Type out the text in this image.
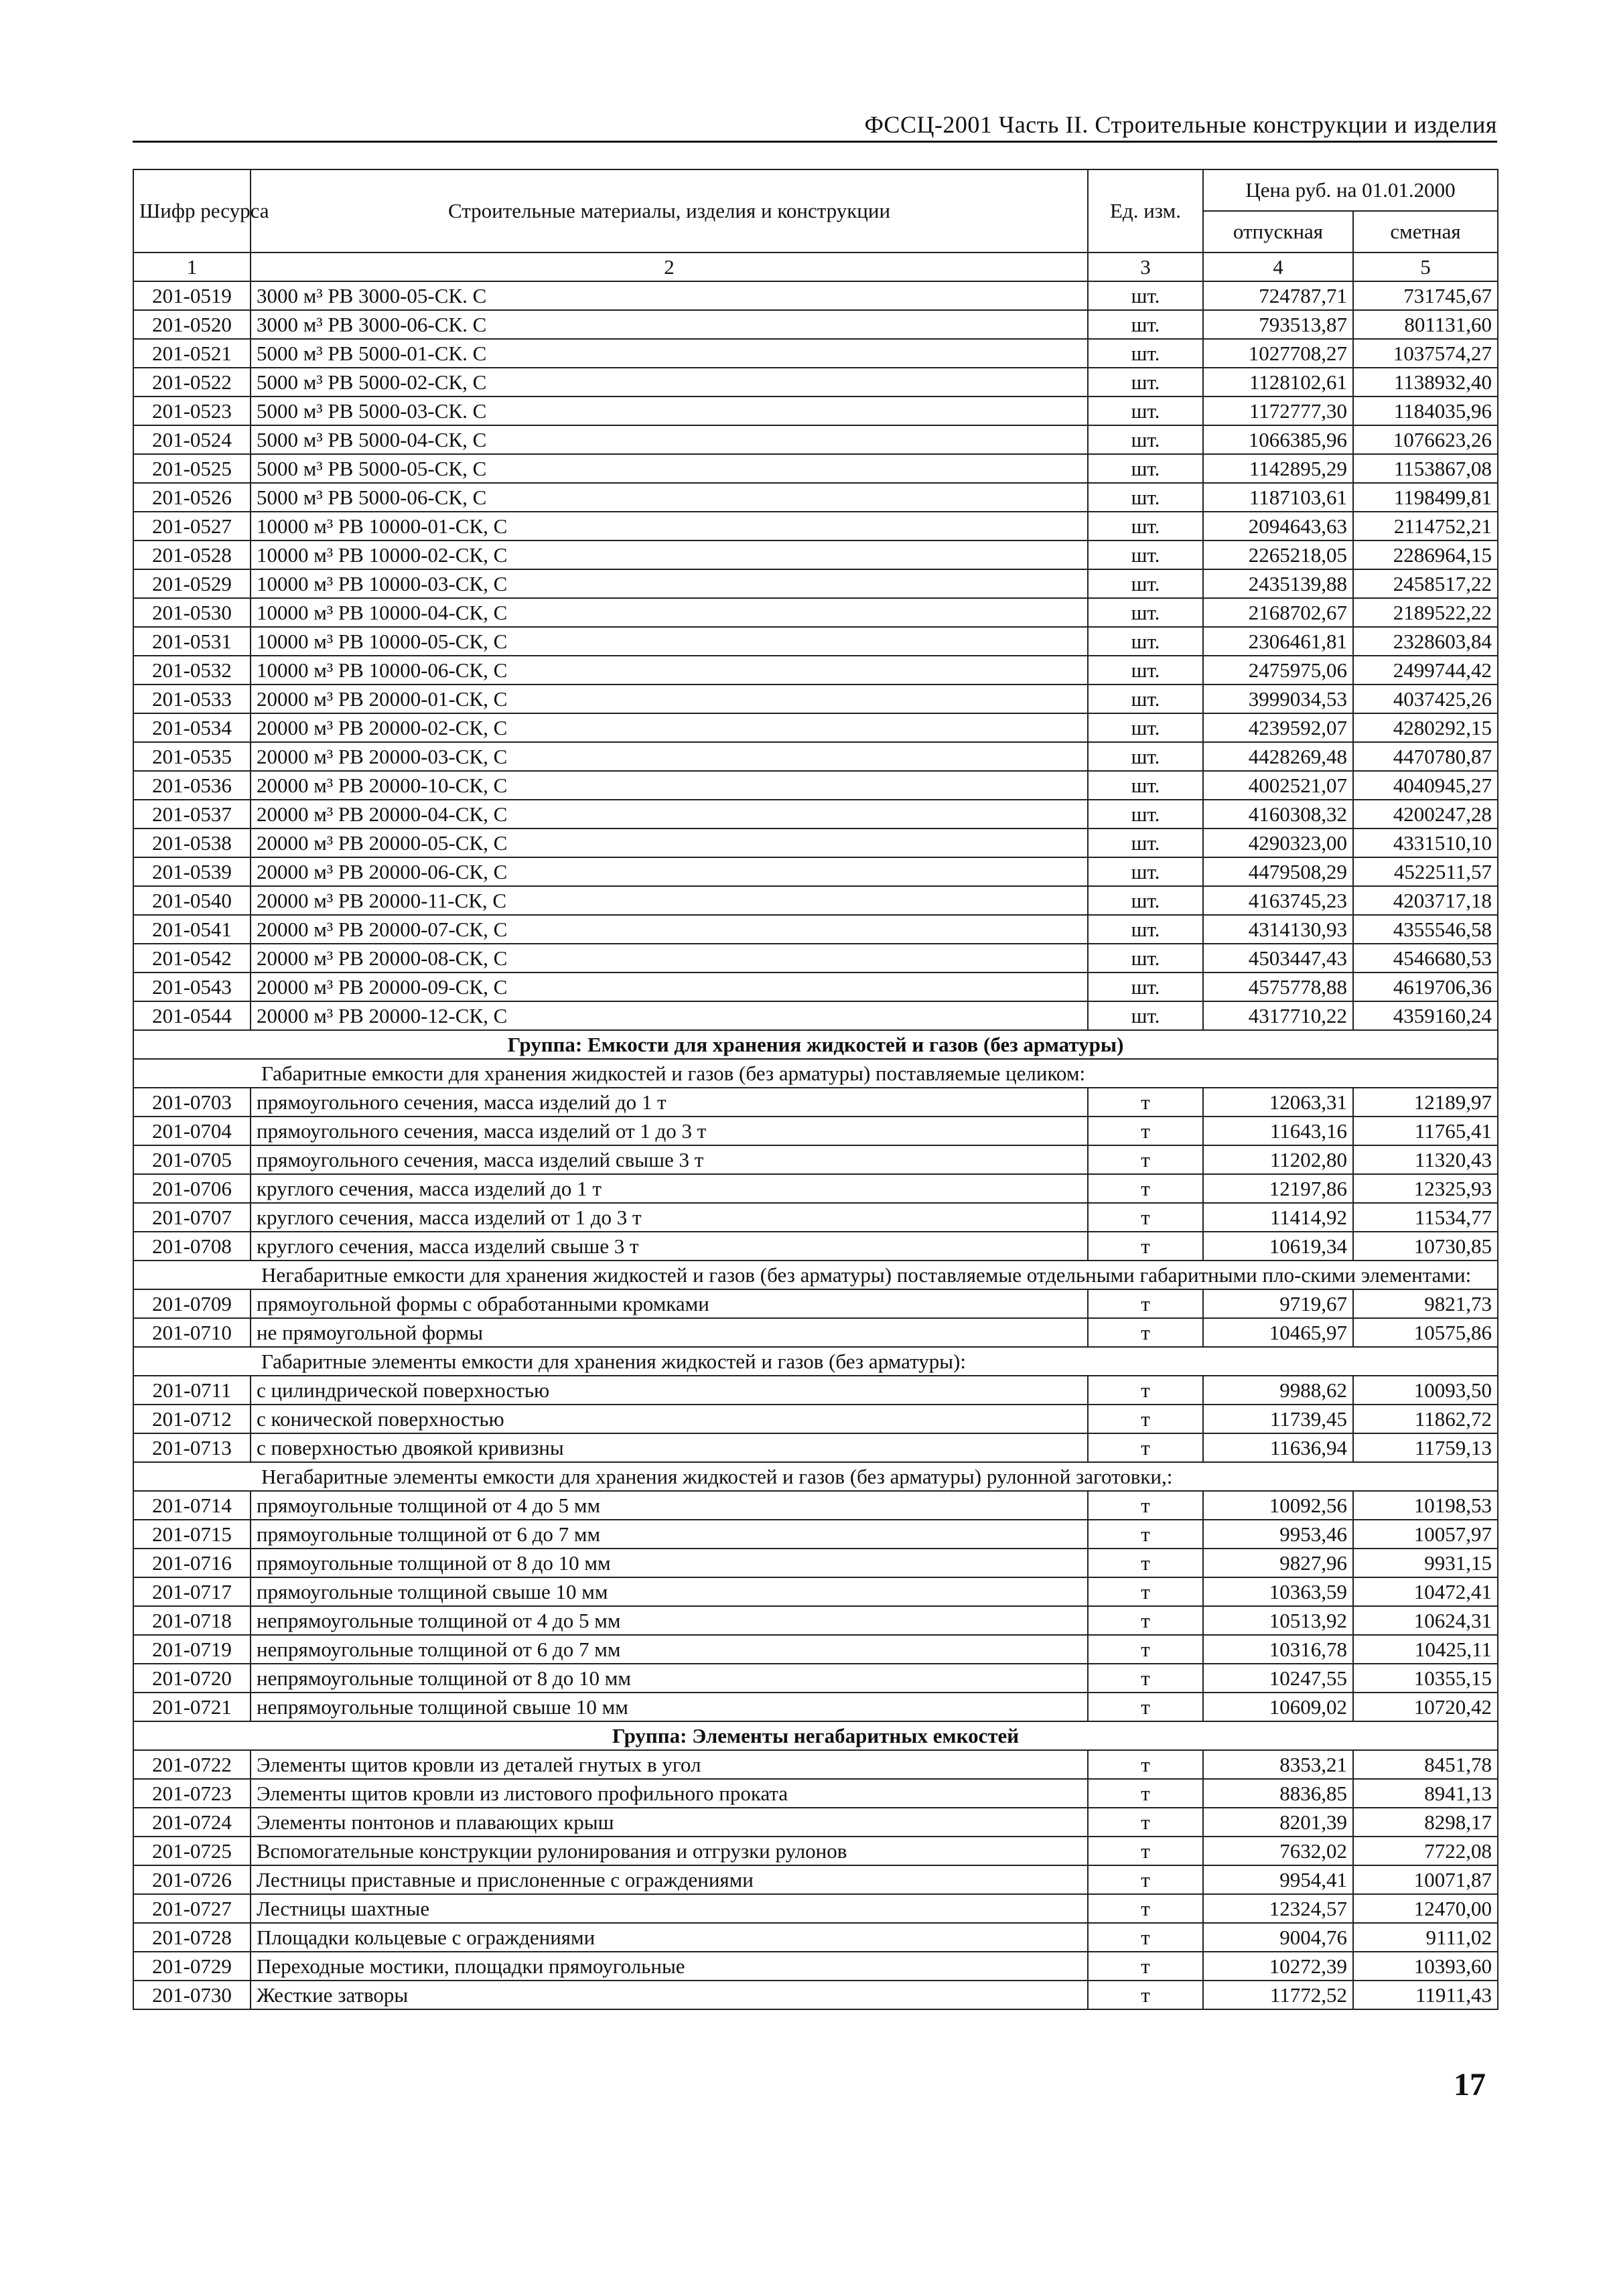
ФССЦ-2001 Часть II. Строительные конструкции и изделия
Шифр ресурса	Строительные материалы, изделия и конструкции	Ед. изм.	Цена руб. на 01.01.2000	
			отпускная	сметная
1	2	3	4	5
201-0519	3000 м³ РВ 3000-05-СК. С	шт.	724787,71	731745,67
201-0520	3000 м³ РВ 3000-06-СК. С	шт.	793513,87	801131,60
201-0521	5000 м³ РВ 5000-01-СК. С	шт.	1027708,27	1037574,27
201-0522	5000 м³ РВ 5000-02-СК, С	шт.	1128102,61	1138932,40
201-0523	5000 м³ РВ 5000-03-СК. С	шт.	1172777,30	1184035,96
201-0524	5000 м³ РВ 5000-04-СК, С	шт.	1066385,96	1076623,26
201-0525	5000 м³ РВ 5000-05-СК, С	шт.	1142895,29	1153867,08
201-0526	5000 м³ РВ 5000-06-СК, С	шт.	1187103,61	1198499,81
201-0527	10000 м³ РВ 10000-01-СК, С	шт.	2094643,63	2114752,21
201-0528	10000 м³ РВ 10000-02-СК, С	шт.	2265218,05	2286964,15
201-0529	10000 м³ РВ 10000-03-СК, С	шт.	2435139,88	2458517,22
201-0530	10000 м³ РВ 10000-04-СК, С	шт.	2168702,67	2189522,22
201-0531	10000 м³ РВ 10000-05-СК, С	шт.	2306461,81	2328603,84
201-0532	10000 м³ РВ 10000-06-СК, С	шт.	2475975,06	2499744,42
201-0533	20000 м³ РВ 20000-01-СК, С	шт.	3999034,53	4037425,26
201-0534	20000 м³ РВ 20000-02-СК, С	шт.	4239592,07	4280292,15
201-0535	20000 м³ РВ 20000-03-СК, С	шт.	4428269,48	4470780,87
201-0536	20000 м³ РВ 20000-10-СК, С	шт.	4002521,07	4040945,27
201-0537	20000 м³ РВ 20000-04-СК, С	шт.	4160308,32	4200247,28
201-0538	20000 м³ РВ 20000-05-СК, С	шт.	4290323,00	4331510,10
201-0539	20000 м³ РВ 20000-06-СК, С	шт.	4479508,29	4522511,57
201-0540	20000 м³ РВ 20000-11-СК, С	шт.	4163745,23	4203717,18
201-0541	20000 м³ РВ 20000-07-СК, С	шт.	4314130,93	4355546,58
201-0542	20000 м³ РВ 20000-08-СК, С	шт.	4503447,43	4546680,53
201-0543	20000 м³ РВ 20000-09-СК, С	шт.	4575778,88	4619706,36
201-0544	20000 м³ РВ 20000-12-СК, С	шт.	4317710,22	4359160,24
Группа: Емкости для хранения жидкостей и газов (без арматуры)				
Габаритные емкости для хранения жидкостей и газов (без арматуры) поставляемые целиком:				
201-0703	прямоугольного сечения, масса изделий до 1 т	т	12063,31	12189,97
201-0704	прямоугольного сечения, масса изделий от 1 до 3 т	т	11643,16	11765,41
201-0705	прямоугольного сечения, масса изделий свыше 3 т	т	11202,80	11320,43
201-0706	круглого сечения, масса изделий до 1 т	т	12197,86	12325,93
201-0707	круглого сечения, масса изделий от 1 до 3 т	т	11414,92	11534,77
201-0708	круглого сечения, масса изделий свыше 3 т	т	10619,34	10730,85
Негабаритные емкости для хранения жидкостей и газов (без арматуры) поставляемые отдельными габаритными пло-скими элементами:				
201-0709	прямоугольной формы с обработанными кромками	т	9719,67	9821,73
201-0710	не прямоугольной формы	т	10465,97	10575,86
Габаритные элементы емкости для хранения жидкостей и газов (без арматуры):				
201-0711	с цилиндрической поверхностью	т	9988,62	10093,50
201-0712	с конической поверхностью	т	11739,45	11862,72
201-0713	с поверхностью двоякой кривизны	т	11636,94	11759,13
Негабаритные элементы емкости для хранения жидкостей и газов (без арматуры) рулонной заготовки,:				
201-0714	прямоугольные толщиной от 4 до 5 мм	т	10092,56	10198,53
201-0715	прямоугольные толщиной от 6 до 7 мм	т	9953,46	10057,97
201-0716	прямоугольные толщиной от 8 до 10 мм	т	9827,96	9931,15
201-0717	прямоугольные толщиной свыше 10 мм	т	10363,59	10472,41
201-0718	непрямоугольные толщиной от 4 до 5 мм	т	10513,92	10624,31
201-0719	непрямоугольные толщиной от 6 до 7 мм	т	10316,78	10425,11
201-0720	непрямоугольные толщиной от 8 до 10 мм	т	10247,55	10355,15
201-0721	непрямоугольные толщиной свыше 10 мм	т	10609,02	10720,42
Группа: Элементы негабаритных емкостей				
201-0722	Элементы щитов кровли из деталей гнутых в угол	т	8353,21	8451,78
201-0723	Элементы щитов кровли из листового профильного проката	т	8836,85	8941,13
201-0724	Элементы понтонов и плавающих крыш	т	8201,39	8298,17
201-0725	Вспомогательные конструкции рулонирования и отгрузки рулонов	т	7632,02	7722,08
201-0726	Лестницы приставные и прислоненные с ограждениями	т	9954,41	10071,87
201-0727	Лестницы шахтные	т	12324,57	12470,00
201-0728	Площадки кольцевые с ограждениями	т	9004,76	9111,02
201-0729	Переходные мостики, площадки прямоугольные	т	10272,39	10393,60
201-0730	Жесткие затворы	т	11772,52	11911,43
17
